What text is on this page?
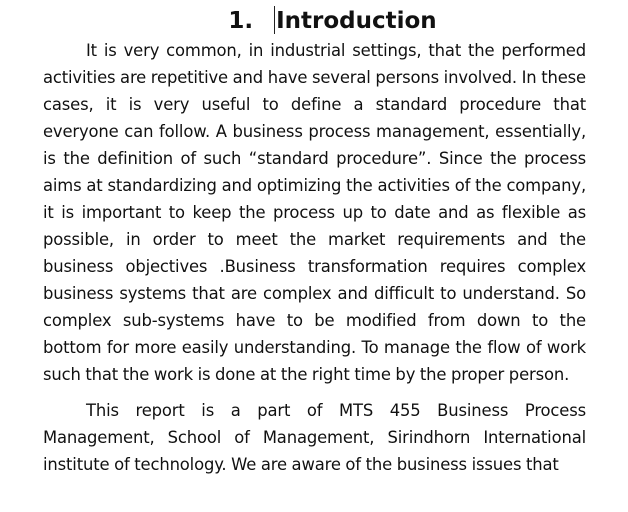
1. Introduction

It is very common, in industrial settings, that the performed activities are repetitive and have several persons involved. In these cases, it is very useful to define a standard procedure that everyone can follow. A business process management, essentially, is the definition of such “standard procedure”. Since the process aims at standardizing and optimizing the activities of the company, it is important to keep the process up to date and as flexible as possible, in order to meet the market requirements and the business objectives .Business transformation requires complex business systems that are complex and difficult to understand. So complex sub-systems have to be modified from down to the bottom for more easily understanding. To manage the flow of work such that the work is done at the right time by the proper person.

This report is a part of MTS 455 Business Process Management, School of Management, Sirindhorn International institute of technology. We are aware of the business issues that
